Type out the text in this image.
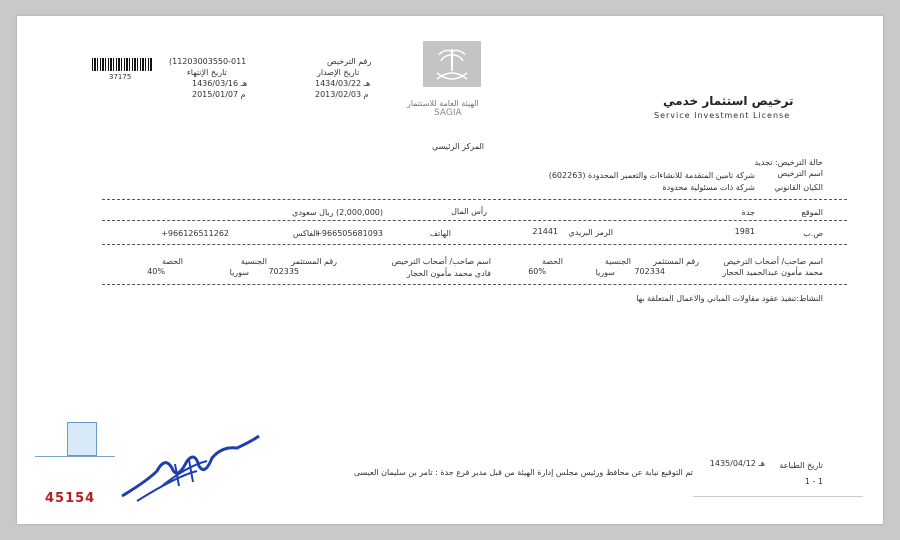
37175
(11203003550-011
تاريخ الإنتهاء
1436/03/16 هـ
2015/01/07 م
رقم الترخيص
تاريخ الإصدار
1434/03/22 هـ
2013/02/03 م
الهيئة العامة للاستثمار
SAGIA
ترخيص استثمار خدمي
Service Investment License
المركز الرئيسي
حالة الترخيص: تجديد
اسم الترخيص
شركة تامين المتقدمة للانشاءات والتعمير المحدودة (602263)
الكيان القانوني
شركة ذات مسئولية محدودة
الموقع
جدة
رأس المال
(2,000,000) ريال سعودي
ص.ب
1981
الرمز البريدي
21441
الهاتف
+966505681093
الفاكس
+966126511262
اسم صاحب/ أصحاب الترخيص
رقم المستثمر
الجنسية
الحصة
محمد مأمون عبدالحميد الحجار
702334
سوريا
60%
اسم صاحب/ أصحاب الترخيص
رقم المستثمر
الجنسية
الحصة
فادي محمد مأمون الحجار
702335
سوريا
40%
النشاط:تنفيذ عقود مقاولات المباني والاعمال المتعلقة بها
تاريخ الطباعة
1435/04/12 هـ
تم التوقيع نيابة عن محافظ ورئيس مجلس إدارة الهيئة من قبل مدير فرع جدة : تامر بن سليمان العيسى
1 - 1
45154
